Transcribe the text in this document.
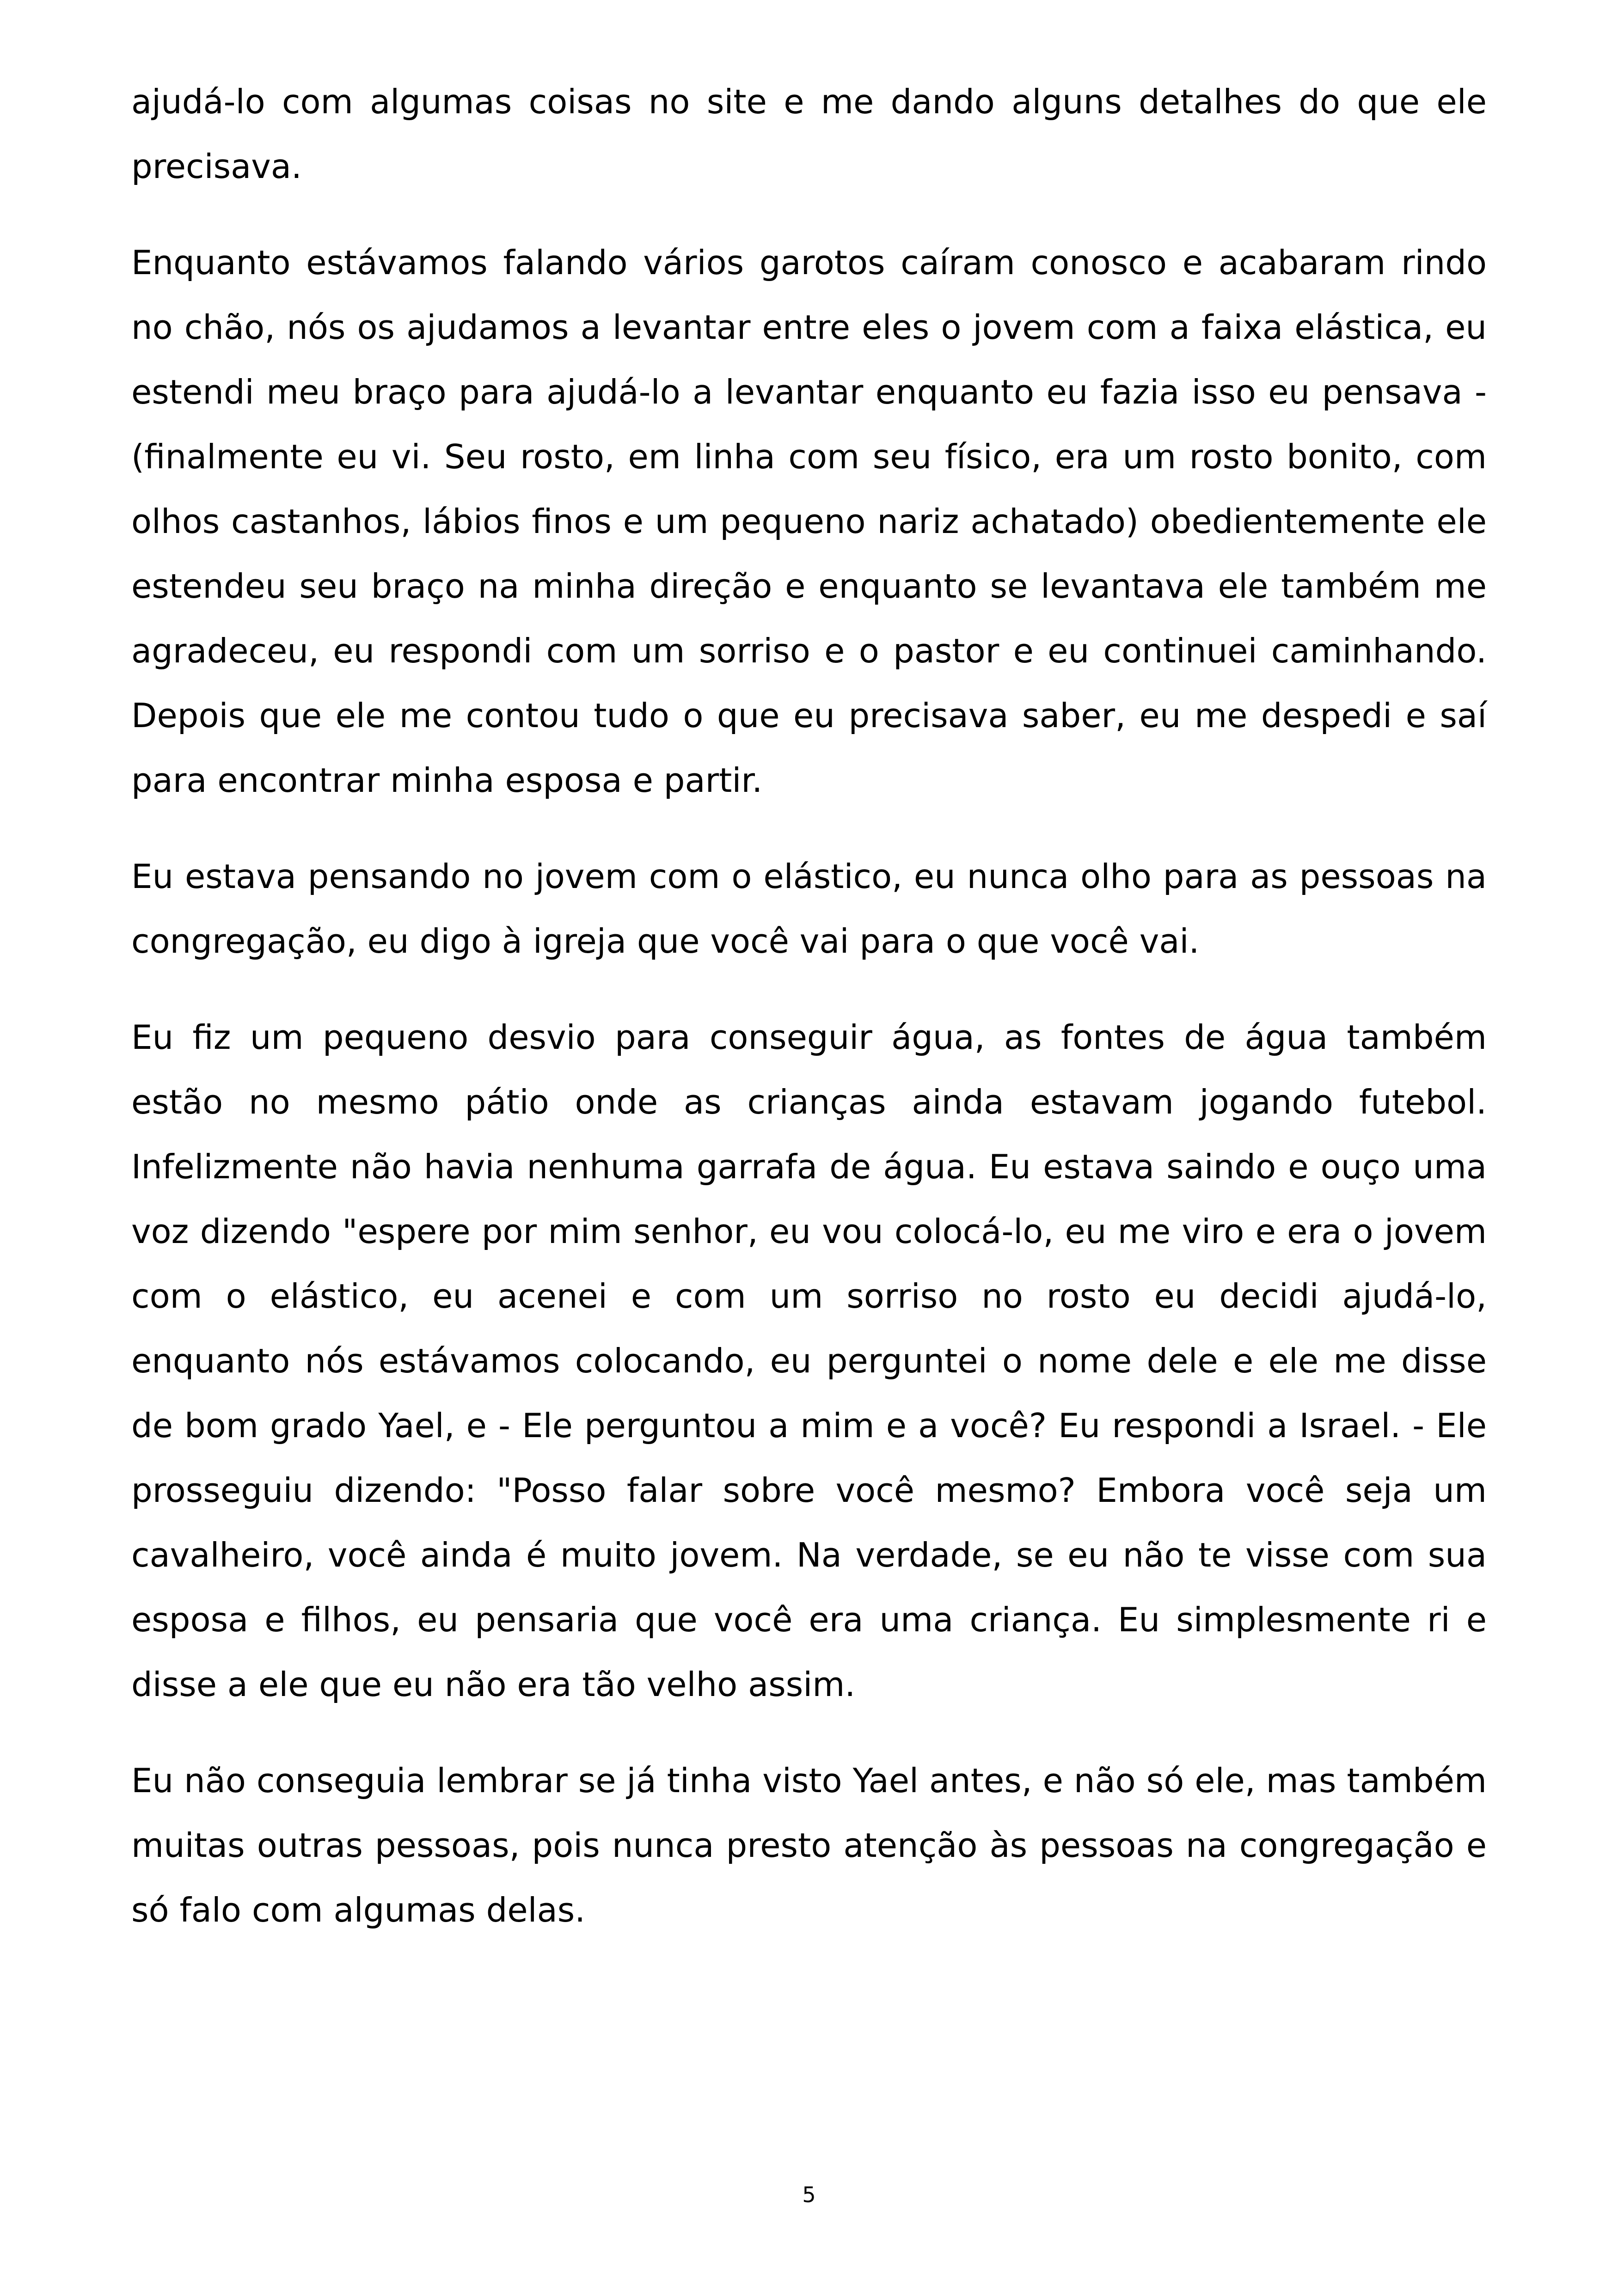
ajudá-lo com algumas coisas no site e me dando alguns detalhes do que ele precisava.

Enquanto estávamos falando vários garotos caíram conosco e acabaram rindo no chão, nós os ajudamos a levantar entre eles o jovem com a faixa elástica, eu estendi meu braço para ajudá-lo a levantar enquanto eu fazia isso eu pensava - (finalmente eu vi. Seu rosto, em linha com seu físico, era um rosto bonito, com olhos castanhos, lábios finos e um pequeno nariz achatado) obedientemente ele estendeu seu braço na minha direção e enquanto se levantava ele também me agradeceu, eu respondi com um sorriso e o pastor e eu continuei caminhando. Depois que ele me contou tudo o que eu precisava saber, eu me despedi e saí para encontrar minha esposa e partir.

Eu estava pensando no jovem com o elástico, eu nunca olho para as pessoas na congregação, eu digo à igreja que você vai para o que você vai.

Eu fiz um pequeno desvio para conseguir água, as fontes de água também estão no mesmo pátio onde as crianças ainda estavam jogando futebol. Infelizmente não havia nenhuma garrafa de água. Eu estava saindo e ouço uma voz dizendo "espere por mim senhor, eu vou colocá-lo, eu me viro e era o jovem com o elástico, eu acenei e com um sorriso no rosto eu decidi ajudá-lo, enquanto nós estávamos colocando, eu perguntei o nome dele e ele me disse de bom grado Yael, e - Ele perguntou a mim e a você? Eu respondi a Israel. - Ele prosseguiu dizendo: "Posso falar sobre você mesmo? Embora você seja um cavalheiro, você ainda é muito jovem. Na verdade, se eu não te visse com sua esposa e filhos, eu pensaria que você era uma criança. Eu simplesmente ri e disse a ele que eu não era tão velho assim.

Eu não conseguia lembrar se já tinha visto Yael antes, e não só ele, mas também muitas outras pessoas, pois nunca presto atenção às pessoas na congregação e só falo com algumas delas.

5
